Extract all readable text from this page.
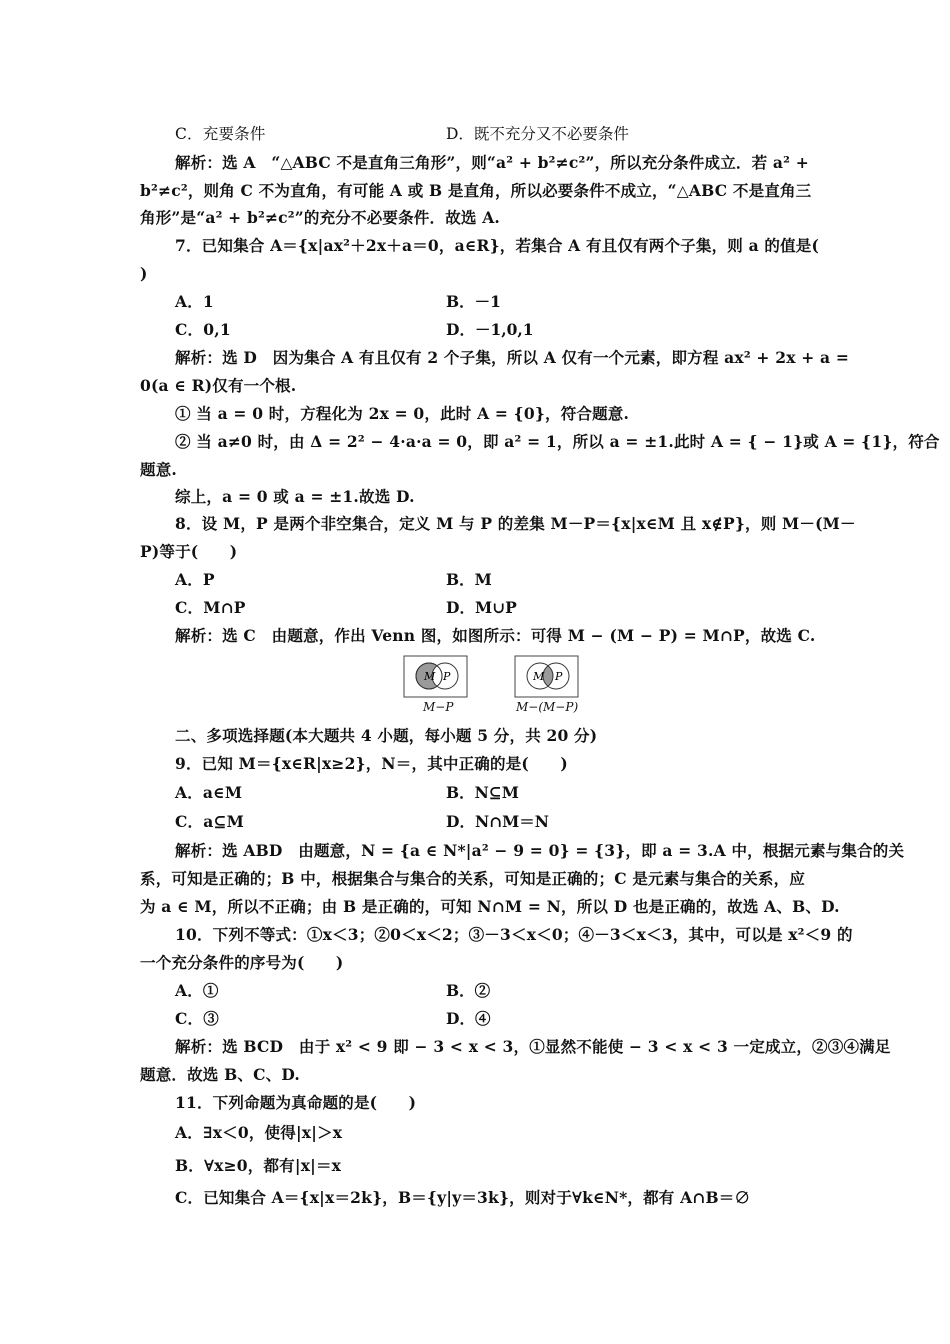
C．充要条件	D．既不充分又不必要条件
解析：选 A　“△ABC 不是直角三角形”，则“a² + b²≠c²”，所以充分条件成立．若 a² +
b²≠c²，则角 C 不为直角，有可能 A 或 B 是直角，所以必要条件不成立，“△ABC 不是直角三
角形”是“a² + b²≠c²”的充分不必要条件．故选 A.
7．已知集合 A＝{x|ax²＋2x＋a＝0，a∈R}，若集合 A 有且仅有两个子集，则 a 的值是(
)
A．1	B．－1
C．0,1	D．－1,0,1
解析：选 D　因为集合 A 有且仅有 2 个子集，所以 A 仅有一个元素，即方程 ax² + 2x + a =
0(a ∈ R)仅有一个根.
① 当 a = 0 时，方程化为 2x = 0，此时 A = {0}，符合题意.
② 当 a≠0 时，由 Δ = 2² − 4·a·a = 0，即 a² = 1，所以 a = ±1.此时 A = { − 1}或 A = {1}，符合
题意.
综上，a = 0 或 a = ±1.故选 D.
8．设 M，P 是两个非空集合，定义 M 与 P 的差集 M－P＝{x|x∈M 且 x∉P}，则 M－(M－
P)等于(　　)
A．P	B．M
C．M∩P	D．M∪P
解析：选 C　由题意，作出 Venn 图，如图所示：可得 M − (M − P) = M∩P，故选 C.
M P
M−P
M P
M−(M−P)
二、多项选择题(本大题共 4 小题，每小题 5 分，共 20 分)
9．已知 M＝{x∈R|x≥2}，N＝，其中正确的是(　　)
A．a∈M	B．N⊆M
C．a⊆M	D．N∩M＝N
解析：选 ABD　由题意，N = {a ∈ N*|a² − 9 = 0} = {3}，即 a = 3.A 中，根据元素与集合的关
系，可知是正确的；B 中，根据集合与集合的关系，可知是正确的；C 是元素与集合的关系，应
为 a ∈ M，所以不正确；由 B 是正确的，可知 N∩M = N，所以 D 也是正确的，故选 A、B、D.
10．下列不等式：①x＜3；②0＜x＜2；③－3＜x＜0；④－3＜x＜3，其中，可以是 x²＜9 的
一个充分条件的序号为(　　)
A．①	B．②
C．③	D．④
解析：选 BCD　由于 x² < 9 即 − 3 < x < 3，①显然不能使 − 3 < x < 3 一定成立，②③④满足
题意．故选 B、C、D.
11．下列命题为真命题的是(　　)
A．∃x＜0，使得|x|＞x
B．∀x≥0，都有|x|＝x
C．已知集合 A＝{x|x＝2k}，B＝{y|y＝3k}，则对于∀k∈N*，都有 A∩B＝∅
